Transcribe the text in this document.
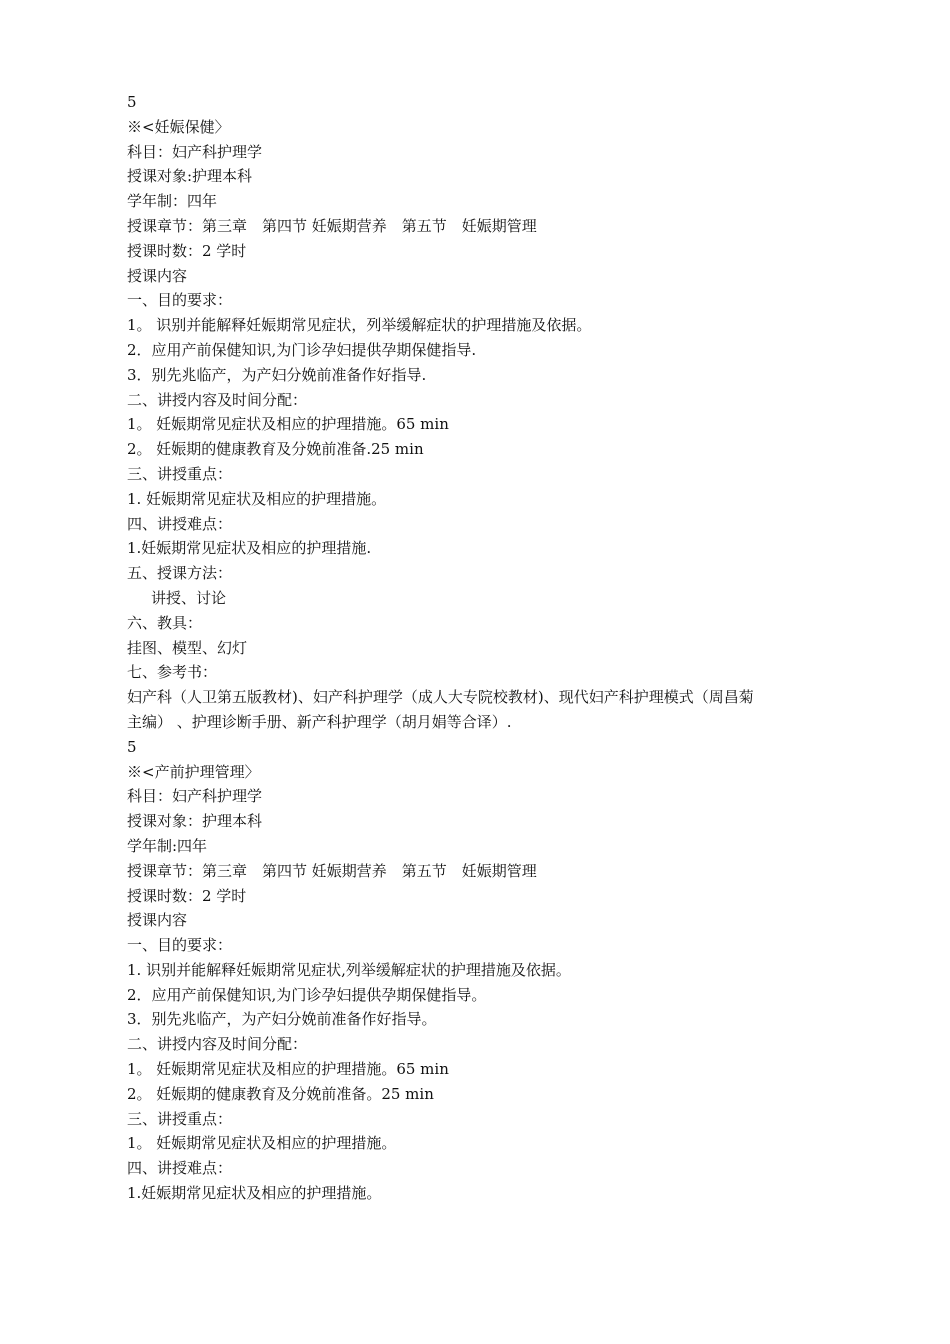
5
※<妊娠保健〉
科目：妇产科护理学
授课对象:护理本科
学年制：四年
授课章节：第三章　第四节 妊娠期营养　第五节　妊娠期管理
授课时数：2 学时
授课内容
一、目的要求：
1。 识别并能解释妊娠期常见症状，列举缓解症状的护理措施及依据。
2．应用产前保健知识,为门诊孕妇提供孕期保健指导.
3．别先兆临产，为产妇分娩前准备作好指导.
二、讲授内容及时间分配：
1。 妊娠期常见症状及相应的护理措施。65 min
2。 妊娠期的健康教育及分娩前准备.25 min
三、讲授重点：
1. 妊娠期常见症状及相应的护理措施。
四、讲授难点：
1.妊娠期常见症状及相应的护理措施.
五、授课方法：
讲授、讨论
六、教具：
挂图、模型、幻灯
七、参考书：
妇产科（人卫第五版教材)、妇产科护理学（成人大专院校教材)、现代妇产科护理模式（周昌菊
主编） 、护理诊断手册、新产科护理学（胡月娟等合译）.
5
※<产前护理管理〉
科目：妇产科护理学
授课对象：护理本科
学年制:四年
授课章节：第三章　第四节 妊娠期营养　第五节　妊娠期管理
授课时数：2 学时
授课内容
一、目的要求：
1. 识别并能解释妊娠期常见症状,列举缓解症状的护理措施及依据。
2．应用产前保健知识,为门诊孕妇提供孕期保健指导。
3．别先兆临产，为产妇分娩前准备作好指导。
二、讲授内容及时间分配：
1。 妊娠期常见症状及相应的护理措施。65 min
2。 妊娠期的健康教育及分娩前准备。25 min
三、讲授重点：
1。 妊娠期常见症状及相应的护理措施。
四、讲授难点：
1.妊娠期常见症状及相应的护理措施。
